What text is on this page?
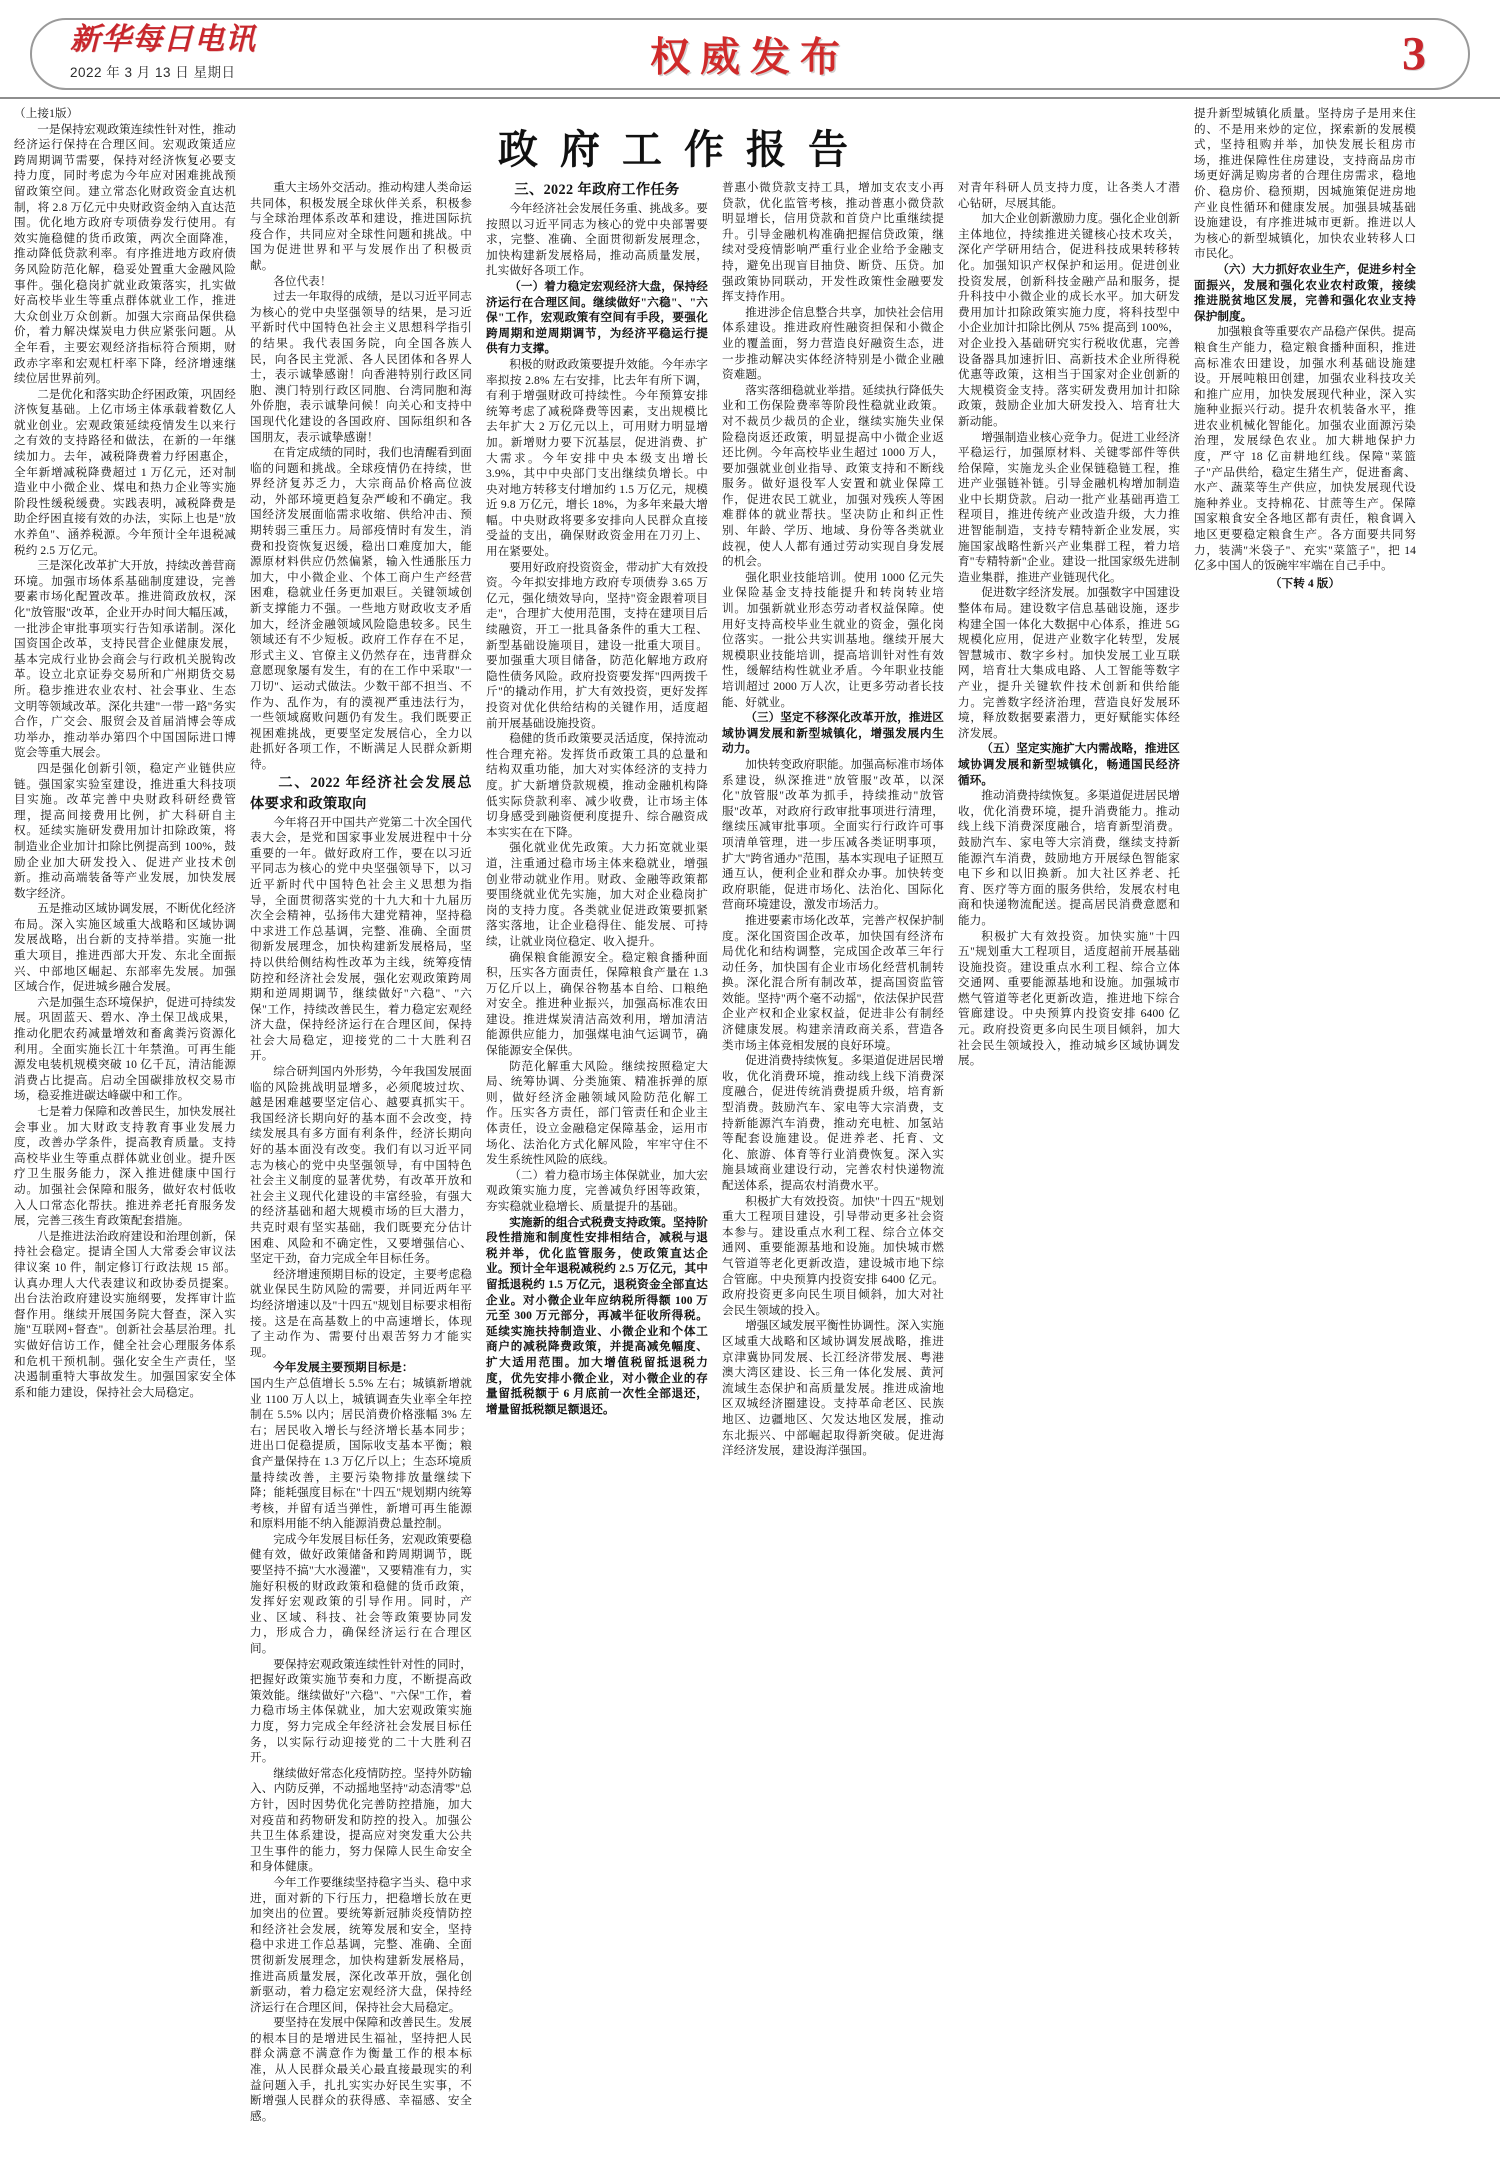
新华每日电讯
2022 年 3 月 13 日 星期日	权威发布	3
政府工作报告

（上接1版）

一是保持宏观政策连续性针对性，推动经济运行保持在合理区间。宏观政策适应跨周期调节需要，保持对经济恢复必要支持力度，同时考虑为今年应对困难挑战预留政策空间。建立常态化财政资金直达机制，将 2.8 万亿元中央财政资金纳入直达范围。优化地方政府专项债券发行使用。有效实施稳健的货币政策，两次全面降准，推动降低贷款利率。有序推进地方政府债务风险防范化解，稳妥处置重大金融风险事件。强化稳岗扩就业政策落实，扎实做好高校毕业生等重点群体就业工作，推进大众创业万众创新。加强大宗商品保供稳价，着力解决煤炭电力供应紧张问题。从全年看，主要宏观经济指标符合预期，财政赤字率和宏观杠杆率下降，经济增速继续位居世界前列。

二是优化和落实助企纾困政策，巩固经济恢复基础。上亿市场主体承载着数亿人就业创业。宏观政策延续疫情发生以来行之有效的支持路径和做法，在新的一年继续加力。去年，减税降费着力纾困惠企，全年新增减税降费超过 1 万亿元，还对制造业中小微企业、煤电和热力企业等实施阶段性缓税缓费。实践表明，减税降费是助企纾困直接有效的办法，实际上也是"放水养鱼"、涵养税源。今年预计全年退税减税约 2.5 万亿元。

三是深化改革扩大开放，持续改善营商环境。加强市场体系基础制度建设，完善要素市场化配置改革。推进简政放权，深化"放管服"改革，企业开办时间大幅压减，一批涉企审批事项实行告知承诺制。深化国资国企改革，支持民营企业健康发展，基本完成行业协会商会与行政机关脱钩改革。设立北京证券交易所和广州期货交易所。稳步推进农业农村、社会事业、生态文明等领域改革。深化共建"一带一路"务实合作，广交会、服贸会及首届消博会等成功举办，推动举办第四个中国国际进口博览会等重大展会。

四是强化创新引领，稳定产业链供应链。强国家实验室建设，推进重大科技项目实施。改革完善中央财政科研经费管理，提高间接费用比例，扩大科研自主权。延续实施研发费用加计扣除政策，将制造业企业加计扣除比例提高到 100%，鼓励企业加大研发投入、促进产业技术创新。推动高端装备等产业发展，加快发展数字经济。

五是推动区域协调发展，不断优化经济布局。深入实施区域重大战略和区域协调发展战略，出台新的支持举措。实施一批重大项目，推进西部大开发、东北全面振兴、中部地区崛起、东部率先发展。加强区域合作，促进城乡融合发展。

六是加强生态环境保护，促进可持续发展。巩固蓝天、碧水、净土保卫战成果，推动化肥农药减量增效和畜禽粪污资源化利用。全面实施长江十年禁渔。可再生能源发电装机规模突破 10 亿千瓦，清洁能源消费占比提高。启动全国碳排放权交易市场，稳妥推进碳达峰碳中和工作。

七是着力保障和改善民生，加快发展社会事业。加大财政支持教育事业发展力度，改善办学条件，提高教育质量。支持高校毕业生等重点群体就业创业。提升医疗卫生服务能力，深入推进健康中国行动。加强社会保障和服务，做好农村低收入人口常态化帮扶。推进养老托育服务发展，完善三孩生育政策配套措施。

八是推进法治政府建设和治理创新，保持社会稳定。提请全国人大常委会审议法律议案 10 件，制定修订行政法规 15 部。认真办理人大代表建议和政协委员提案。出台法治政府建设实施纲要，发挥审计监督作用。继续开展国务院大督查，深入实施"互联网+督查"。创新社会基层治理。扎实做好信访工作，健全社会心理服务体系和危机干预机制。强化安全生产责任，坚决遏制重特大事故发生。加强国家安全体系和能力建设，保持社会大局稳定。

重大主场外交活动。推动构建人类命运共同体，积极发展全球伙伴关系，积极参与全球治理体系改革和建设，推进国际抗疫合作，共同应对全球性问题和挑战。中国为促进世界和平与发展作出了积极贡献。

各位代表！

过去一年取得的成绩，是以习近平同志为核心的党中央坚强领导的结果，是习近平新时代中国特色社会主义思想科学指引的结果。我代表国务院，向全国各族人民，向各民主党派、各人民团体和各界人士，表示诚挚感谢！向香港特别行政区同胞、澳门特别行政区同胞、台湾同胞和海外侨胞，表示诚挚问候！向关心和支持中国现代化建设的各国政府、国际组织和各国朋友，表示诚挚感谢！

在肯定成绩的同时，我们也清醒看到面临的问题和挑战。全球疫情仍在持续，世界经济复苏乏力，大宗商品价格高位波动，外部环境更趋复杂严峻和不确定。我国经济发展面临需求收缩、供给冲击、预期转弱三重压力。局部疫情时有发生，消费和投资恢复迟缓，稳出口难度加大，能源原材料供应仍然偏紧，输入性通胀压力加大，中小微企业、个体工商户生产经营困难，稳就业任务更加艰巨。关键领域创新支撑能力不强。一些地方财政收支矛盾加大，经济金融领域风险隐患较多。民生领域还有不少短板。政府工作存在不足，形式主义、官僚主义仍然存在，违背群众意愿现象屡有发生，有的在工作中采取"一刀切"、运动式做法。少数干部不担当、不作为、乱作为，有的漠视严重违法行为，一些领域腐败问题仍有发生。我们既要正视困难挑战，更要坚定发展信心，全力以赴抓好各项工作，不断满足人民群众新期待。

二、2022 年经济社会发展总体要求和政策取向

今年将召开中国共产党第二十次全国代表大会，是党和国家事业发展进程中十分重要的一年。做好政府工作，要在以习近平同志为核心的党中央坚强领导下，以习近平新时代中国特色社会主义思想为指导，全面贯彻落实党的十九大和十九届历次全会精神，弘扬伟大建党精神，坚持稳中求进工作总基调，完整、准确、全面贯彻新发展理念，加快构建新发展格局，坚持以供给侧结构性改革为主线，统筹疫情防控和经济社会发展，强化宏观政策跨周期和逆周期调节，继续做好"六稳"、"六保"工作，持续改善民生，着力稳定宏观经济大盘，保持经济运行在合理区间，保持社会大局稳定，迎接党的二十大胜利召开。

综合研判国内外形势，今年我国发展面临的风险挑战明显增多，必须爬坡过坎、越是困难越要坚定信心、越要真抓实干。我国经济长期向好的基本面不会改变，持续发展具有多方面有利条件，经济长期向好的基本面没有改变。我们有以习近平同志为核心的党中央坚强领导，有中国特色社会主义制度的显著优势，有改革开放和社会主义现代化建设的丰富经验，有强大的经济基础和超大规模市场的巨大潜力，共克时艰有坚实基础，我们既要充分估计困难、风险和不确定性，又要增强信心、坚定干劲，奋力完成全年目标任务。

经济增速预期目标的设定，主要考虑稳就业保民生防风险的需要，并同近两年平均经济增速以及"十四五"规划目标要求相衔接。这是在高基数上的中高速增长，体现了主动作为、需要付出艰苦努力才能实现。

今年发展主要预期目标是：

国内生产总值增长 5.5% 左右；城镇新增就业 1100 万人以上，城镇调查失业率全年控制在 5.5% 以内；居民消费价格涨幅 3% 左右；居民收入增长与经济增长基本同步；进出口促稳提质，国际收支基本平衡；粮食产量保持在 1.3 万亿斤以上；生态环境质量持续改善，主要污染物排放量继续下降；能耗强度目标在"十四五"规划期内统筹考核，并留有适当弹性，新增可再生能源和原料用能不纳入能源消费总量控制。

完成今年发展目标任务，宏观政策要稳健有效，做好政策储备和跨周期调节，既要坚持不搞"大水漫灌"，又要精准有力，实施好积极的财政政策和稳健的货币政策，发挥好宏观政策的引导作用。同时，产业、区域、科技、社会等政策要协同发力，形成合力，确保经济运行在合理区间。

要保持宏观政策连续性针对性的同时，把握好政策实施节奏和力度，不断提高政策效能。继续做好"六稳"、"六保"工作，着力稳市场主体保就业，加大宏观政策实施力度，努力完成全年经济社会发展目标任务，以实际行动迎接党的二十大胜利召开。

继续做好常态化疫情防控。坚持外防输入、内防反弹，不动摇地坚持"动态清零"总方针，因时因势优化完善防控措施，加大对疫苗和药物研发和防控的投入。加强公共卫生体系建设，提高应对突发重大公共卫生事件的能力，努力保障人民生命安全和身体健康。

今年工作要继续坚持稳字当头、稳中求进，面对新的下行压力，把稳增长放在更加突出的位置。要统筹新冠肺炎疫情防控和经济社会发展，统筹发展和安全，坚持稳中求进工作总基调，完整、准确、全面贯彻新发展理念，加快构建新发展格局，推进高质量发展，深化改革开放，强化创新驱动，着力稳定宏观经济大盘，保持经济运行在合理区间，保持社会大局稳定。

要坚持在发展中保障和改善民生。发展的根本目的是增进民生福祉，坚持把人民群众满意不满意作为衡量工作的根本标准，从人民群众最关心最直接最现实的利益问题入手，扎扎实实办好民生实事，不断增强人民群众的获得感、幸福感、安全感。

三、2022 年政府工作任务

今年经济社会发展任务重、挑战多。要按照以习近平同志为核心的党中央部署要求，完整、准确、全面贯彻新发展理念，加快构建新发展格局，推动高质量发展，扎实做好各项工作。

（一）着力稳定宏观经济大盘，保持经济运行在合理区间。继续做好"六稳"、"六保"工作，宏观政策有空间有手段，要强化跨周期和逆周期调节，为经济平稳运行提供有力支撑。

积极的财政政策要提升效能。今年赤字率拟按 2.8% 左右安排，比去年有所下调，有利于增强财政可持续性。今年预算安排统筹考虑了减税降费等因素，支出规模比去年扩大 2 万亿元以上，可用财力明显增加。新增财力要下沉基层，促进消费、扩大需求。今年安排中央本级支出增长 3.9%，其中中央部门支出继续负增长。中央对地方转移支付增加约 1.5 万亿元，规模近 9.8 万亿元，增长 18%，为多年来最大增幅。中央财政将要多安排向人民群众直接受益的支出，确保财政资金用在刀刃上、用在紧要处。

要用好政府投资资金，带动扩大有效投资。今年拟安排地方政府专项债券 3.65 万亿元，强化绩效导向，坚持"资金跟着项目走"，合理扩大使用范围，支持在建项目后续融资，开工一批具备条件的重大工程、新型基础设施项目，建设一批重大项目。要加强重大项目储备，防范化解地方政府隐性债务风险。政府投资要发挥"四两拨千斤"的撬动作用，扩大有效投资，更好发挥投资对优化供给结构的关键作用，适度超前开展基础设施投资。

稳健的货币政策要灵活适度，保持流动性合理充裕。发挥货币政策工具的总量和结构双重功能，加大对实体经济的支持力度。扩大新增贷款规模，推动金融机构降低实际贷款利率、减少收费，让市场主体切身感受到融资便利度提升、综合融资成本实实在在下降。

强化就业优先政策。大力拓宽就业渠道，注重通过稳市场主体来稳就业，增强创业带动就业作用。财政、金融等政策都要围绕就业优先实施，加大对企业稳岗扩岗的支持力度。各类就业促进政策要抓紧落实落地，让企业稳得住、能发展、可持续，让就业岗位稳定、收入提升。

确保粮食能源安全。稳定粮食播种面积，压实各方面责任，保障粮食产量在 1.3 万亿斤以上，确保谷物基本自给、口粮绝对安全。推进种业振兴，加强高标准农田建设。推进煤炭清洁高效利用，增加清洁能源供应能力，加强煤电油气运调节，确保能源安全保供。

防范化解重大风险。继续按照稳定大局、统筹协调、分类施策、精准拆弹的原则，做好经济金融领域风险防范化解工作。压实各方责任，部门管责任和企业主体责任，设立金融稳定保障基金，运用市场化、法治化方式化解风险，牢牢守住不发生系统性风险的底线。

（二）着力稳市场主体保就业，加大宏观政策实施力度，完善减负纾困等政策，夯实稳就业稳增长、质量提升的基础。

实施新的组合式税费支持政策。坚持阶段性措施和制度性安排相结合，减税与退税并举，优化监管服务，使政策直达企业。预计全年退税减税约 2.5 万亿元，其中留抵退税约 1.5 万亿元，退税资金全部直达企业。对小微企业年应纳税所得额 100 万元至 300 万元部分，再减半征收所得税。延续实施扶持制造业、小微企业和个体工商户的减税降费政策，并提高减免幅度、扩大适用范围。加大增值税留抵退税力度，优先安排小微企业，对小微企业的存量留抵税额于 6 月底前一次性全部退还，增量留抵税额足额退还。

普惠小微贷款支持工具，增加支农支小再贷款，优化监管考核，推动普惠小微贷款明显增长，信用贷款和首贷户比重继续提升。引导金融机构准确把握信贷政策，继续对受疫情影响严重行业企业给予金融支持，避免出现盲目抽贷、断贷、压贷。加强政策协同联动，开发性政策性金融要发挥支持作用。

推进涉企信息整合共享，加快社会信用体系建设。推进政府性融资担保和小微企业的覆盖面，努力营造良好融资生态，进一步推动解决实体经济特别是小微企业融资难题。

落实落细稳就业举措。延续执行降低失业和工伤保险费率等阶段性稳就业政策。对不裁员少裁员的企业，继续实施失业保险稳岗返还政策，明显提高中小微企业返还比例。今年高校毕业生超过 1000 万人，要加强就业创业指导、政策支持和不断线服务。做好退役军人安置和就业保障工作，促进农民工就业，加强对残疾人等困难群体的就业帮扶。坚决防止和纠正性别、年龄、学历、地域、身份等各类就业歧视，使人人都有通过劳动实现自身发展的机会。

强化职业技能培训。使用 1000 亿元失业保险基金支持技能提升和转岗转业培训。加强新就业形态劳动者权益保障。使用好支持高校毕业生就业的资金，强化岗位落实。一批公共实训基地。继续开展大规模职业技能培训，提高培训针对性有效性，缓解结构性就业矛盾。今年职业技能培训超过 2000 万人次，让更多劳动者长技能、好就业。

（三）坚定不移深化改革开放，推进区域协调发展和新型城镇化，增强发展内生动力。

加快转变政府职能。加强高标准市场体系建设，纵深推进"放管服"改革，以深化"放管服"改革为抓手，持续推动"放管服"改革，对政府行政审批事项进行清理，继续压减审批事项。全面实行行政许可事项清单管理，进一步压减各类证明事项，扩大"跨省通办"范围，基本实现电子证照互通互认，便利企业和群众办事。加快转变政府职能，促进市场化、法治化、国际化营商环境建设，激发市场活力。

推进要素市场化改革，完善产权保护制度。深化国资国企改革，加快国有经济布局优化和结构调整，完成国企改革三年行动任务，加快国有企业市场化经营机制转换。深化混合所有制改革，提高国资监管效能。坚持"两个毫不动摇"，依法保护民营企业产权和企业家权益，促进非公有制经济健康发展。构建亲清政商关系，营造各类市场主体竞相发展的良好环境。

促进消费持续恢复。多渠道促进居民增收，优化消费环境，推动线上线下消费深度融合，促进传统消费提质升级，培育新型消费。鼓励汽车、家电等大宗消费，支持新能源汽车消费，推动充电桩、加氢站等配套设施建设。促进养老、托育、文化、旅游、体育等行业消费恢复。深入实施县域商业建设行动，完善农村快递物流配送体系，提高农村消费水平。

积极扩大有效投资。加快"十四五"规划重大工程项目建设，引导带动更多社会资本参与。建设重点水利工程、综合立体交通网、重要能源基地和设施。加快城市燃气管道等老化更新改造，建设城市地下综合管廊。中央预算内投资安排 6400 亿元。政府投资更多向民生项目倾斜，加大对社会民生领域的投入。

增强区域发展平衡性协调性。深入实施区域重大战略和区域协调发展战略，推进京津冀协同发展、长江经济带发展、粤港澳大湾区建设、长三角一体化发展、黄河流域生态保护和高质量发展。推进成渝地区双城经济圈建设。支持革命老区、民族地区、边疆地区、欠发达地区发展，推动东北振兴、中部崛起取得新突破。促进海洋经济发展，建设海洋强国。

对青年科研人员支持力度，让各类人才潜心钻研，尽展其能。

加大企业创新激励力度。强化企业创新主体地位，持续推进关键核心技术攻关，深化产学研用结合，促进科技成果转移转化。加强知识产权保护和运用。促进创业投资发展，创新科技金融产品和服务，提升科技中小微企业的成长水平。加大研发费用加计扣除政策实施力度，将科技型中小企业加计扣除比例从 75% 提高到 100%，对企业投入基础研究实行税收优惠，完善设备器具加速折旧、高新技术企业所得税优惠等政策，这相当于国家对企业创新的大规模资金支持。落实研发费用加计扣除政策，鼓励企业加大研发投入、培育壮大新动能。

增强制造业核心竞争力。促进工业经济平稳运行，加强原材料、关键零部件等供给保障，实施龙头企业保链稳链工程，推进产业强链补链。引导金融机构增加制造业中长期贷款。启动一批产业基础再造工程项目，推进传统产业改造升级，大力推进智能制造，支持专精特新企业发展，实施国家战略性新兴产业集群工程，着力培育"专精特新"企业。建设一批国家级先进制造业集群，推进产业链现代化。

促进数字经济发展。加强数字中国建设整体布局。建设数字信息基础设施，逐步构建全国一体化大数据中心体系，推进 5G 规模化应用，促进产业数字化转型，发展智慧城市、数字乡村。加快发展工业互联网，培育壮大集成电路、人工智能等数字产业，提升关键软件技术创新和供给能力。完善数字经济治理，营造良好发展环境，释放数据要素潜力，更好赋能实体经济发展。

（五）坚定实施扩大内需战略，推进区域协调发展和新型城镇化，畅通国民经济循环。

推动消费持续恢复。多渠道促进居民增收，优化消费环境，提升消费能力。推动线上线下消费深度融合，培育新型消费。鼓励汽车、家电等大宗消费，继续支持新能源汽车消费，鼓励地方开展绿色智能家电下乡和以旧换新。加大社区养老、托育、医疗等方面的服务供给，发展农村电商和快递物流配送。提高居民消费意愿和能力。

积极扩大有效投资。加快实施"十四五"规划重大工程项目，适度超前开展基础设施投资。建设重点水利工程、综合立体交通网、重要能源基地和设施。加强城市燃气管道等老化更新改造，推进地下综合管廊建设。中央预算内投资安排 6400 亿元。政府投资更多向民生项目倾斜，加大社会民生领域投入，推动城乡区域协调发展。

提升新型城镇化质量。坚持房子是用来住的、不是用来炒的定位，探索新的发展模式，坚持租购并举，加快发展长租房市场，推进保障性住房建设，支持商品房市场更好满足购房者的合理住房需求，稳地价、稳房价、稳预期，因城施策促进房地产业良性循环和健康发展。加强县城基础设施建设，有序推进城市更新。推进以人为核心的新型城镇化，加快农业转移人口市民化。

（六）大力抓好农业生产，促进乡村全面振兴，发展和强化农业农村政策，接续推进脱贫地区发展，完善和强化农业支持保护制度。

加强粮食等重要农产品稳产保供。提高粮食生产能力，稳定粮食播种面积，推进高标准农田建设，加强水利基础设施建设。开展吨粮田创建，加强农业科技攻关和推广应用，加快发展现代种业，深入实施种业振兴行动。提升农机装备水平，推进农业机械化智能化。加强农业面源污染治理，发展绿色农业。加大耕地保护力度，严守 18 亿亩耕地红线。保障"菜篮子"产品供给，稳定生猪生产，促进畜禽、水产、蔬菜等生产供应，加快发展现代设施种养业。支持棉花、甘蔗等生产。保障国家粮食安全各地区都有责任，粮食调入地区更要稳定粮食生产。各方面要共同努力，装满"米袋子"、充实"菜篮子"，把 14 亿多中国人的饭碗牢牢端在自己手中。

（下转 4 版）
